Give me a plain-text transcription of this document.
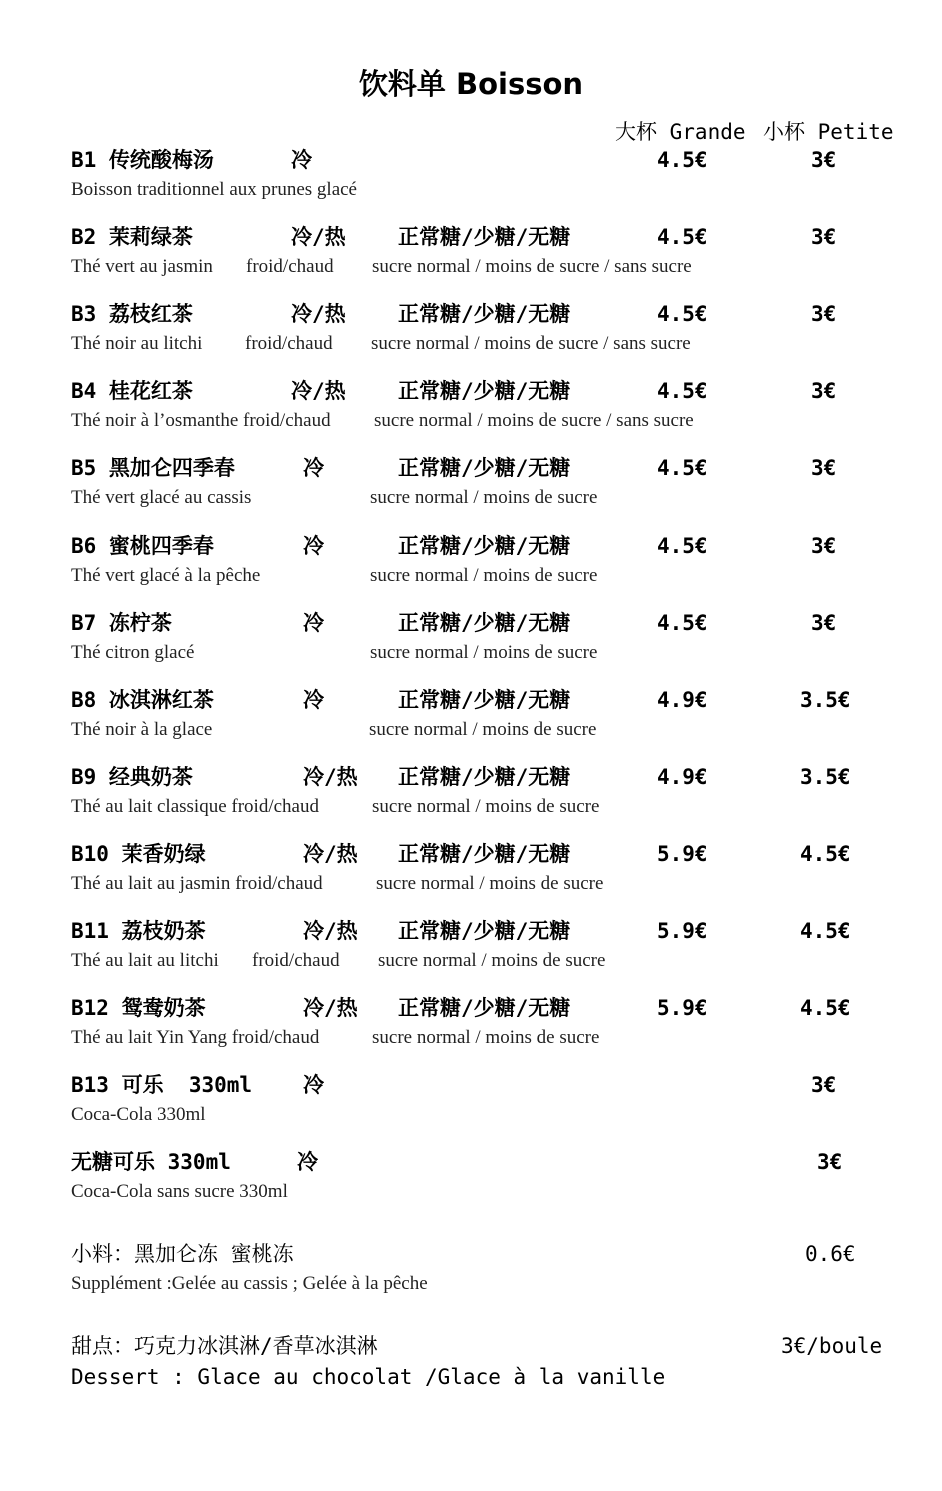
饮料单 Boisson
大杯 Grande 小杯 Petite
B1 传统酸梅汤	冷	4.5€	3€
Boisson traditionnel aux prunes glacé
B2 茉莉绿茶	冷/热 正常糖/少糖/无糖	4.5€	3€
Thé vert au jasmin froid/chaud sucre normal / moins de sucre / sans sucre
B3 荔枝红茶	冷/热 正常糖/少糖/无糖	4.5€	3€
Thé noir au litchi froid/chaud sucre normal / moins de sucre / sans sucre
B4 桂花红茶	冷/热 正常糖/少糖/无糖	4.5€	3€
Thé noir à l’osmanthe froid/chaud sucre normal / moins de sucre / sans sucre
B5 黑加仑四季春	冷	正常糖/少糖/无糖	4.5€	3€
Thé vert glacé au cassis	sucre normal / moins de sucre
B6 蜜桃四季春	冷	正常糖/少糖/无糖	4.5€	3€
Thé vert glacé à la pêche	sucre normal / moins de sucre
B7 冻柠茶	冷	正常糖/少糖/无糖	4.5€	3€
Thé citron glacé	sucre normal / moins de sucre
B8 冰淇淋红茶	冷	正常糖/少糖/无糖	4.9€	3.5€
Thé noir à la glace	sucre normal / moins de sucre
B9 经典奶茶	冷/热 正常糖/少糖/无糖	4.9€	3.5€
Thé au lait classique froid/chaud	sucre normal / moins de sucre
B10 茉香奶绿	冷/热 正常糖/少糖/无糖	5.9€	4.5€
Thé au lait au jasmin froid/chaud	sucre normal / moins de sucre
B11 荔枝奶茶	冷/热 正常糖/少糖/无糖	5.9€	4.5€
Thé au lait au litchi froid/chaud sucre normal / moins de sucre
B12 鸳鸯奶茶	冷/热 正常糖/少糖/无糖	5.9€	4.5€
Thé au lait Yin Yang froid/chaud	sucre normal / moins de sucre
B13 可乐  330ml 冷	3€
Coca-Cola 330ml
无糖可乐 330ml	冷	3€
Coca-Cola sans sucre 330ml
小料：黑加仑冻 蜜桃冻	0.6€
Supplément :Gelée au cassis ; Gelée à la pêche
甜点：巧克力冰淇淋/香草冰淇淋	3€/boule
Dessert : Glace au chocolat /Glace à la vanille
